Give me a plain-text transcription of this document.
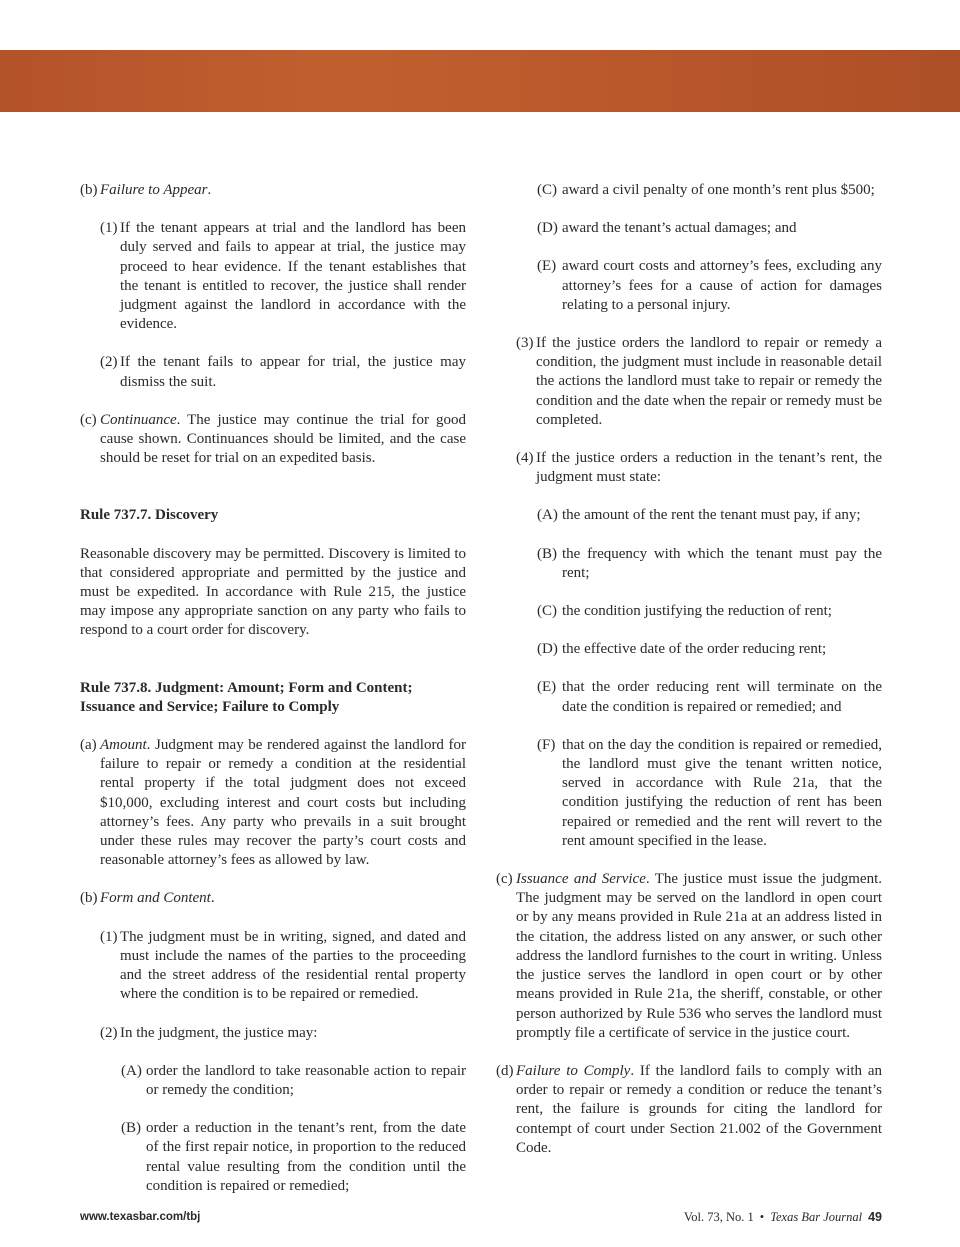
(b) Failure to Appear.
(1) If the tenant appears at trial and the landlord has been duly served and fails to appear at trial, the justice may proceed to hear evidence. If the tenant establishes that the tenant is entitled to recover, the justice shall render judgment against the landlord in accordance with the evidence.
(2) If the tenant fails to appear for trial, the justice may dismiss the suit.
(c) Continuance. The justice may continue the trial for good cause shown. Continuances should be limited, and the case should be reset for trial on an expedited basis.
Rule 737.7. Discovery
Reasonable discovery may be permitted. Discovery is limited to that considered appropriate and permitted by the justice and must be expedited. In accordance with Rule 215, the justice may impose any appropriate sanction on any party who fails to respond to a court order for discovery.
Rule 737.8. Judgment: Amount; Form and Content;
Issuance and Service; Failure to Comply
(a) Amount. Judgment may be rendered against the landlord for failure to repair or remedy a condition at the residential rental property if the total judgment does not exceed $10,000, excluding interest and court costs but including attorney’s fees. Any party who prevails in a suit brought under these rules may recover the party’s court costs and reasonable attorney’s fees as allowed by law.
(b) Form and Content.
(1) The judgment must be in writing, signed, and dated and must include the names of the parties to the proceeding and the street address of the residential rental property where the condition is to be repaired or remedied.
(2) In the judgment, the justice may:
(A) order the landlord to take reasonable action to repair or remedy the condition;
(B) order a reduction in the tenant’s rent, from the date of the first repair notice, in proportion to the reduced rental value resulting from the condition until the condition is repaired or remedied;
(C) award a civil penalty of one month’s rent plus $500;
(D) award the tenant’s actual damages; and
(E) award court costs and attorney’s fees, excluding any attorney’s fees for a cause of action for damages relating to a personal injury.
(3) If the justice orders the landlord to repair or remedy a condition, the judgment must include in reasonable detail the actions the landlord must take to repair or remedy the condition and the date when the repair or remedy must be completed.
(4) If the justice orders a reduction in the tenant’s rent, the judgment must state:
(A) the amount of the rent the tenant must pay, if any;
(B) the frequency with which the tenant must pay the rent;
(C) the condition justifying the reduction of rent;
(D) the effective date of the order reducing rent;
(E) that the order reducing rent will terminate on the date the condition is repaired or remedied; and
(F) that on the day the condition is repaired or remedied, the landlord must give the tenant written notice, served in accordance with Rule 21a, that the condition justifying the reduction of rent has been repaired or remedied and the rent will revert to the rent amount specified in the lease.
(c) Issuance and Service. The justice must issue the judgment. The judgment may be served on the landlord in open court or by any means provided in Rule 21a at an address listed in the citation, the address listed on any answer, or such other address the landlord furnishes to the court in writing. Unless the justice serves the landlord in open court or by other means provided in Rule 21a, the sheriff, constable, or other person authorized by Rule 536 who serves the landlord must promptly file a certificate of service in the justice court.
(d) Failure to Comply. If the landlord fails to comply with an order to repair or remedy a condition or reduce the tenant’s rent, the failure is grounds for citing the landlord for contempt of court under Section 21.002 of the Government Code.
www.texasbar.com/tbj	Vol. 73, No. 1 • Texas Bar Journal 49
